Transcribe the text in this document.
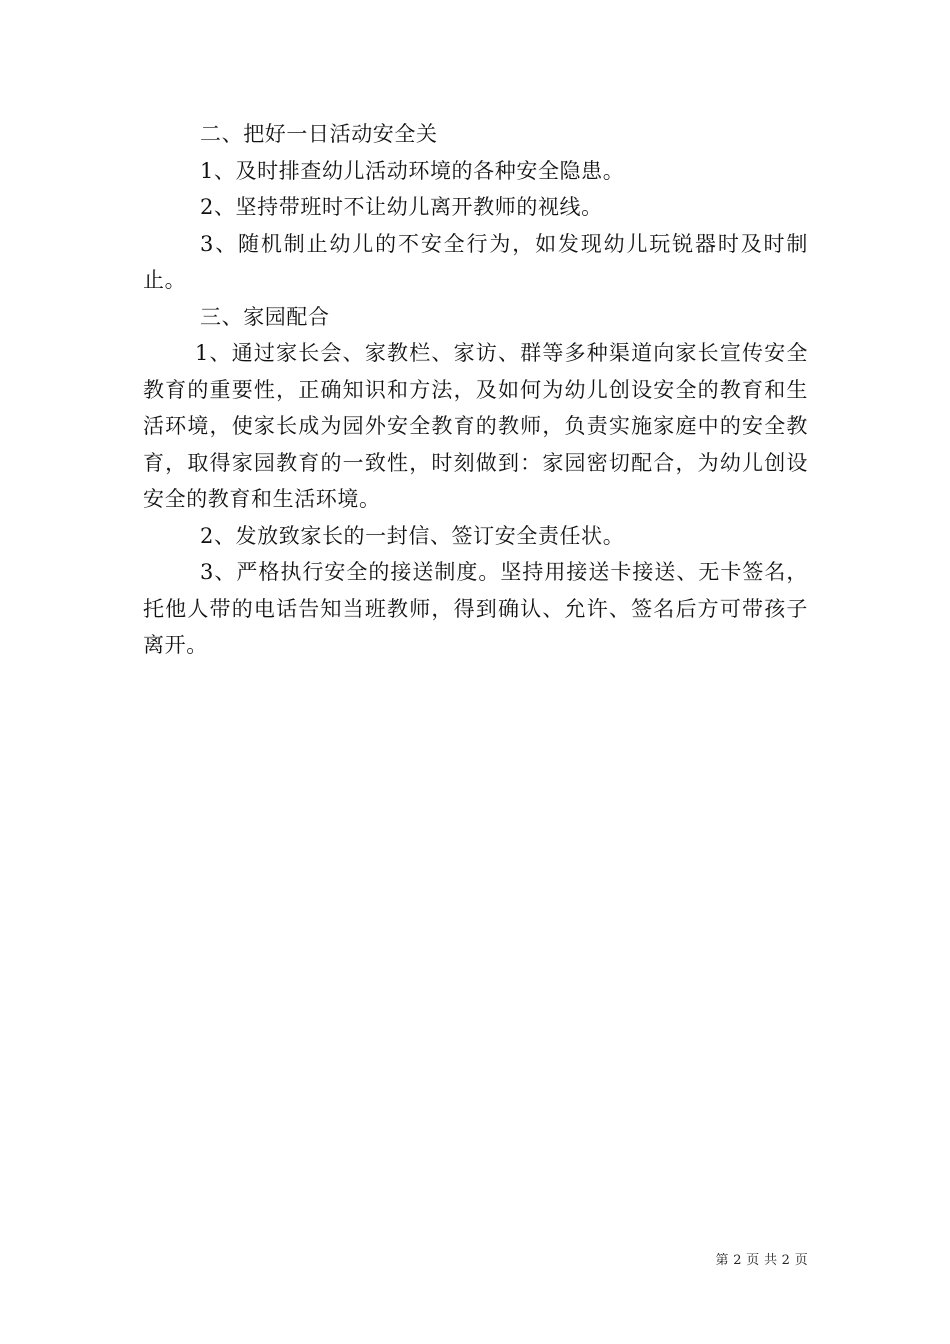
二、把好一日活动安全关

1、及时排查幼儿活动环境的各种安全隐患。

2、坚持带班时不让幼儿离开教师的视线。

3、随机制止幼儿的不安全行为，如发现幼儿玩锐器时及时制止。

三、家园配合

1、通过家长会、家教栏、家访、群等多种渠道向家长宣传安全教育的重要性，正确知识和方法，及如何为幼儿创设安全的教育和生活环境，使家长成为园外安全教育的教师，负责实施家庭中的安全教育，取得家园教育的一致性，时刻做到：家园密切配合，为幼儿创设安全的教育和生活环境。

2、发放致家长的一封信、签订安全责任状。

3、严格执行安全的接送制度。坚持用接送卡接送、无卡签名，托他人带的电话告知当班教师，得到确认、允许、签名后方可带孩子离开。

第 2 页 共 2 页
